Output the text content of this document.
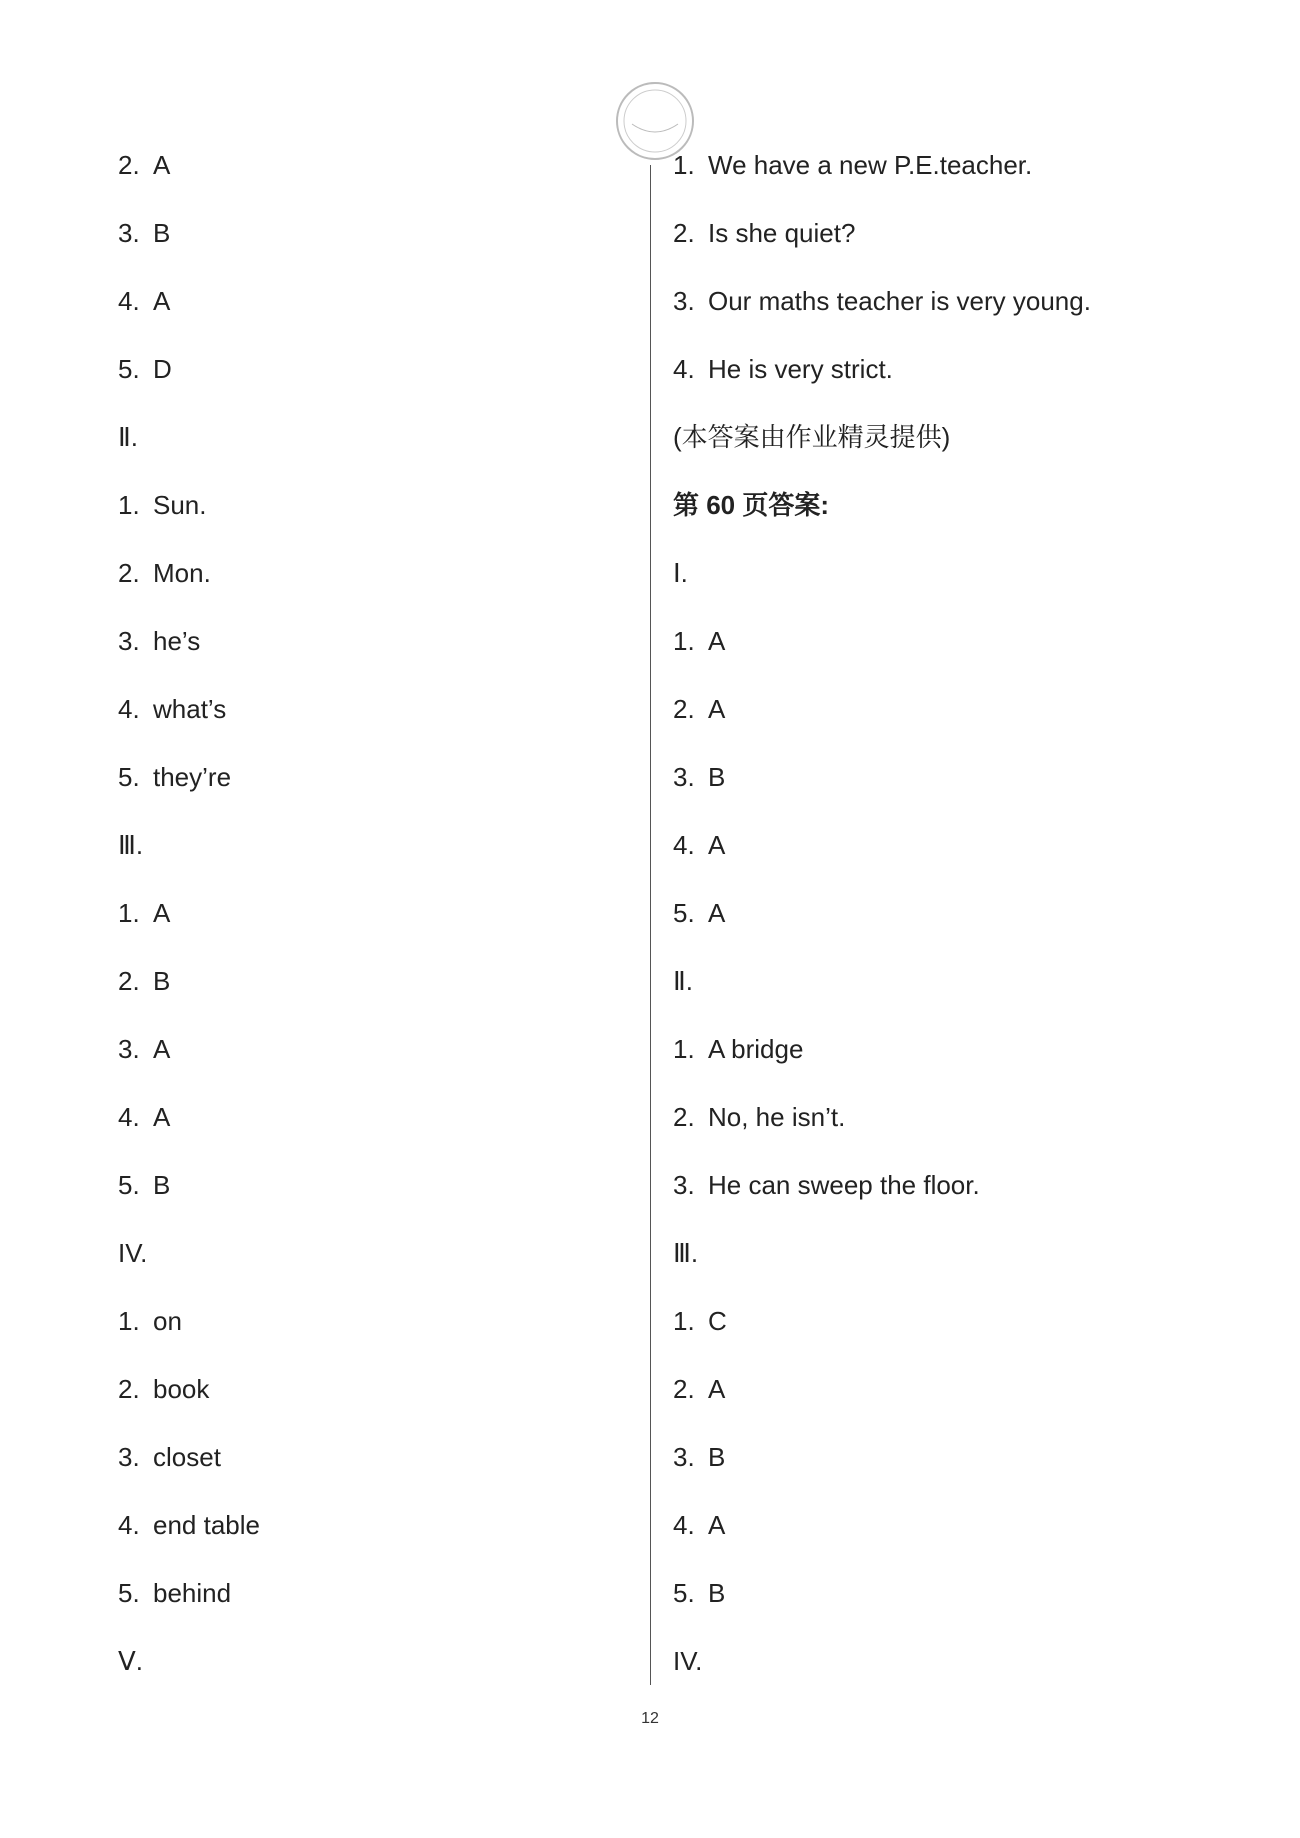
2. A
3. B
4. A
5. D
Ⅱ.
1. Sun.
2. Mon.
3. he’s
4. what’s
5. they’re
Ⅲ.
1. A
2. B
3. A
4. A
5. B
IV.
1. on
2. book
3. closet
4. end table
5. behind
Ⅴ.
1. We have a new P.E.teacher.
2. Is she quiet?
3. Our maths teacher is very young.
4. He is very strict.
(本答案由作业精灵提供)
第 60 页答案:
Ⅰ.
1. A
2. A
3. B
4. A
5. A
Ⅱ.
1. A bridge
2. No, he isn’t.
3. He can sweep the floor.
Ⅲ.
1. C
2. A
3. B
4. A
5. B
IV.
12
